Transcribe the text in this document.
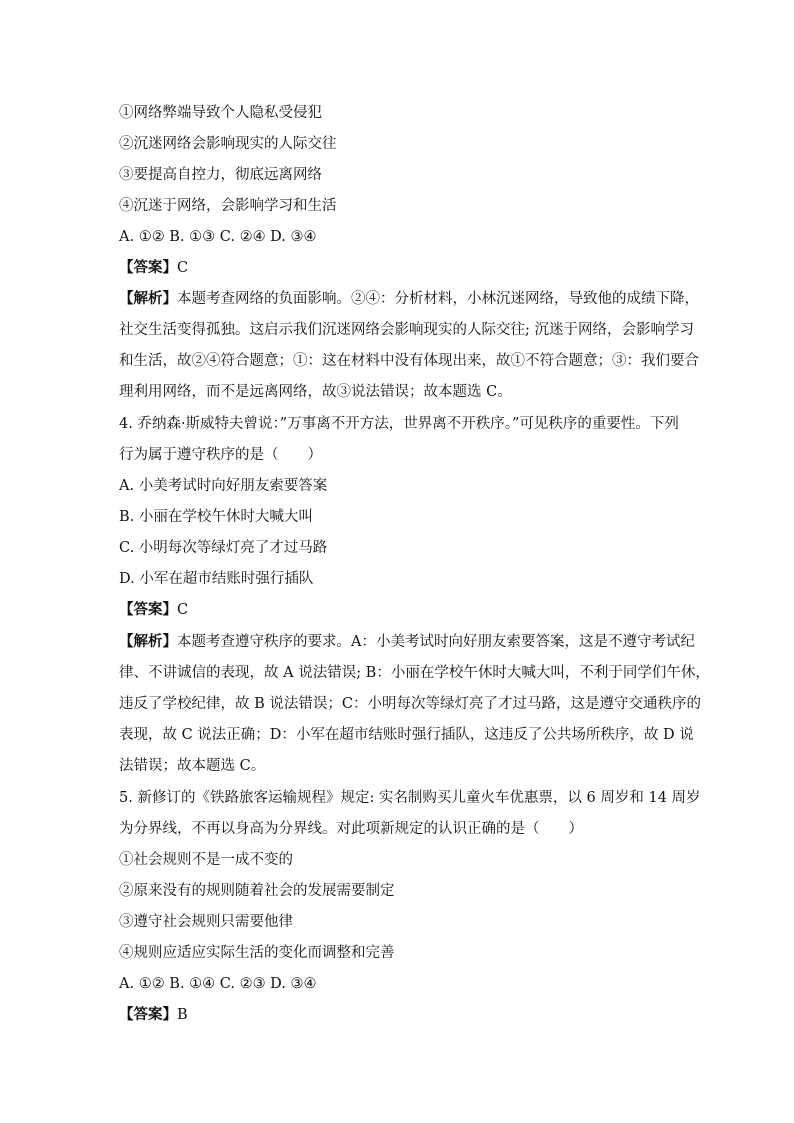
①网络弊端导致个人隐私受侵犯
②沉迷网络会影响现实的人际交往
③要提高自控力，彻底远离网络
④沉迷于网络，会影响学习和生活
A. ①② B. ①③ C. ②④ D. ③④
【答案】C
【解析】本题考查网络的负面影响。②④：分析材料，小林沉迷网络，导致他的成绩下降，
社交生活变得孤独。这启示我们沉迷网络会影响现实的人际交往; 沉迷于网络，会影响学习
和生活，故②④符合题意；①：这在材料中没有体现出来，故①不符合题意；③：我们要合
理利用网络，而不是远离网络，故③说法错误；故本题选 C。
4. 乔纳森·斯威特夫曾说：”万事离不开方法，世界离不开秩序。”可见秩序的重要性。下列
行为属于遵守秩序的是（　　）
A. 小美考试时向好朋友索要答案
B. 小丽在学校午休时大喊大叫
C. 小明每次等绿灯亮了才过马路
D. 小军在超市结账时强行插队
【答案】C
【解析】本题考查遵守秩序的要求。A：小美考试时向好朋友索要答案，这是不遵守考试纪
律、不讲诚信的表现，故 A 说法错误; B：小丽在学校午休时大喊大叫，不利于同学们午休，
违反了学校纪律，故 B 说法错误；C：小明每次等绿灯亮了才过马路，这是遵守交通秩序的
表现，故 C 说法正确；D：小军在超市结账时强行插队，这违反了公共场所秩序，故 D 说
法错误；故本题选 C。
5. 新修订的《铁路旅客运输规程》规定: 实名制购买儿童火车优惠票，以 6 周岁和 14 周岁
为分界线，不再以身高为分界线。对此项新规定的认识正确的是（　　）
①社会规则不是一成不变的
②原来没有的规则随着社会的发展需要制定
③遵守社会规则只需要他律
④规则应适应实际生活的变化而调整和完善
A. ①② B. ①④ C. ②③ D. ③④
【答案】B
